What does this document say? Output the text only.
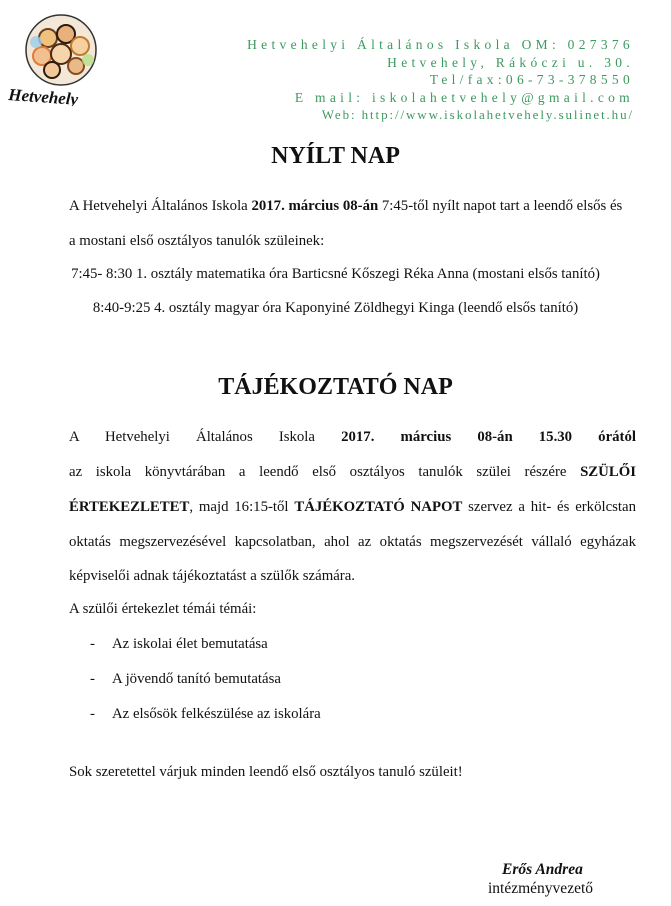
Hetvehely
Hetvehelyi Általános Iskola OM: 027376
Hetvehely, Rákóczi u. 30.
Tel/fax:06-73-378550
E mail: iskolahetvehely@gmail.com
Web: http://www.iskolahetvehely.sulinet.hu/
NYÍLT NAP

A Hetvehelyi Általános Iskola 2017. március 08-án 7:45-től nyílt napot tart a leendő elsős és

a mostani első osztályos tanulók szüleinek:

7:45- 8:30 1. osztály matematika óra Barticsné Kőszegi Réka Anna (mostani elsős tanító)

8:40-9:25 4. osztály magyar óra Kaponyiné Zöldhegyi Kinga (leendő elsős tanító)

TÁJÉKOZTATÓ NAP

A Hetvehelyi Általános Iskola 2017. március 08-án 15.30 órától

az iskola könyvtárában a leendő első osztályos tanulók szülei részére SZÜLŐI

ÉRTEKEZLETET, majd 16:15-től TÁJÉKOZTATÓ NAPOT szervez a hit- és erkölcstan

oktatás megszervezésével kapcsolatban, ahol az oktatás megszervezését vállaló egyházak

képviselői adnak tájékoztatást a szülők számára.

A szülői értekezlet témái témái:

- Az iskolai élet bemutatása
- A jövendő tanító bemutatása
- Az elsősök felkészülése az iskolára

Sok szeretettel várjuk minden leendő első osztályos tanuló szüleit!

Erős Andrea
intézményvezető
